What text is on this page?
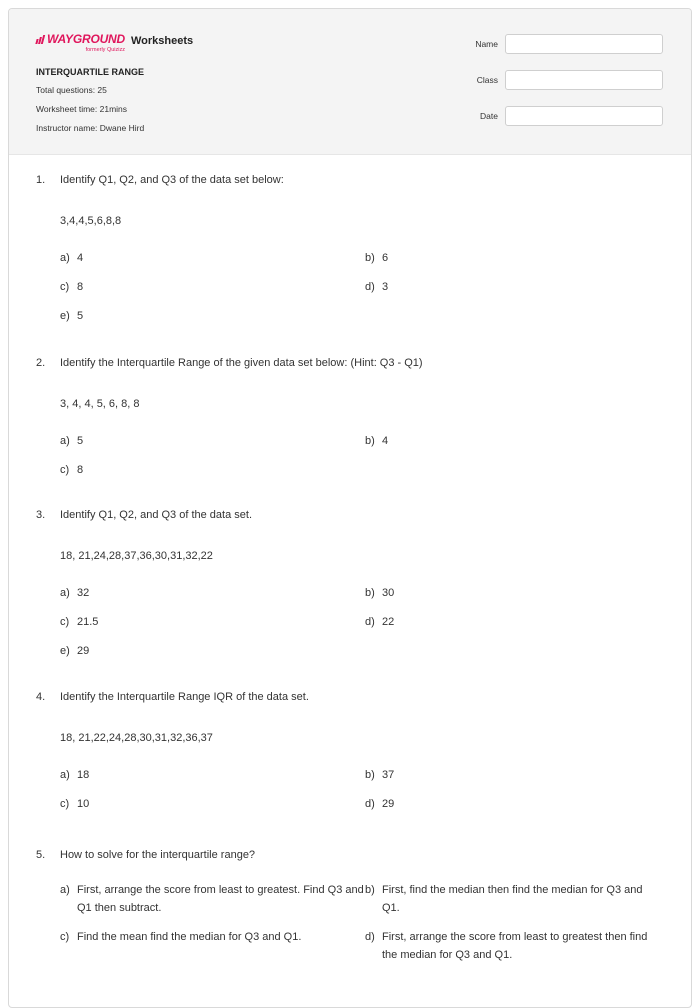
WAYGROUND
formerly Quizizz
Worksheets
INTERQUARTILE RANGE
Total questions: 25
Worksheet time: 21mins
Instructor name: Dwane Hird
Name
Class
Date
1.	Identify Q1, Q2, and Q3 of the data set below:
3,4,4,5,6,8,8
a) 4	b) 6
c) 8	d) 3
e) 5
2.	Identify the Interquartile Range of the given data set below: (Hint: Q3 - Q1)
3, 4, 4, 5, 6, 8, 8
a) 5	b) 4
c) 8
3.	Identify Q1, Q2, and Q3 of the data set.
18, 21,24,28,37,36,30,31,32,22
a) 32	b) 30
c) 21.5	d) 22
e) 29
4.	Identify the Interquartile Range IQR of the data set.
18, 21,22,24,28,30,31,32,36,37
a) 18	b) 37
c) 10	d) 29
5.	How to solve for the interquartile range?
a) First, arrange the score from least to greatest. Find Q3 and Q1 then subtract.
b) First, find the median then find the median for Q3 and Q1.
c) Find the mean find the median for Q3 and Q1.	d) First, arrange the score from least to greatest then find the median for Q3 and Q1.
